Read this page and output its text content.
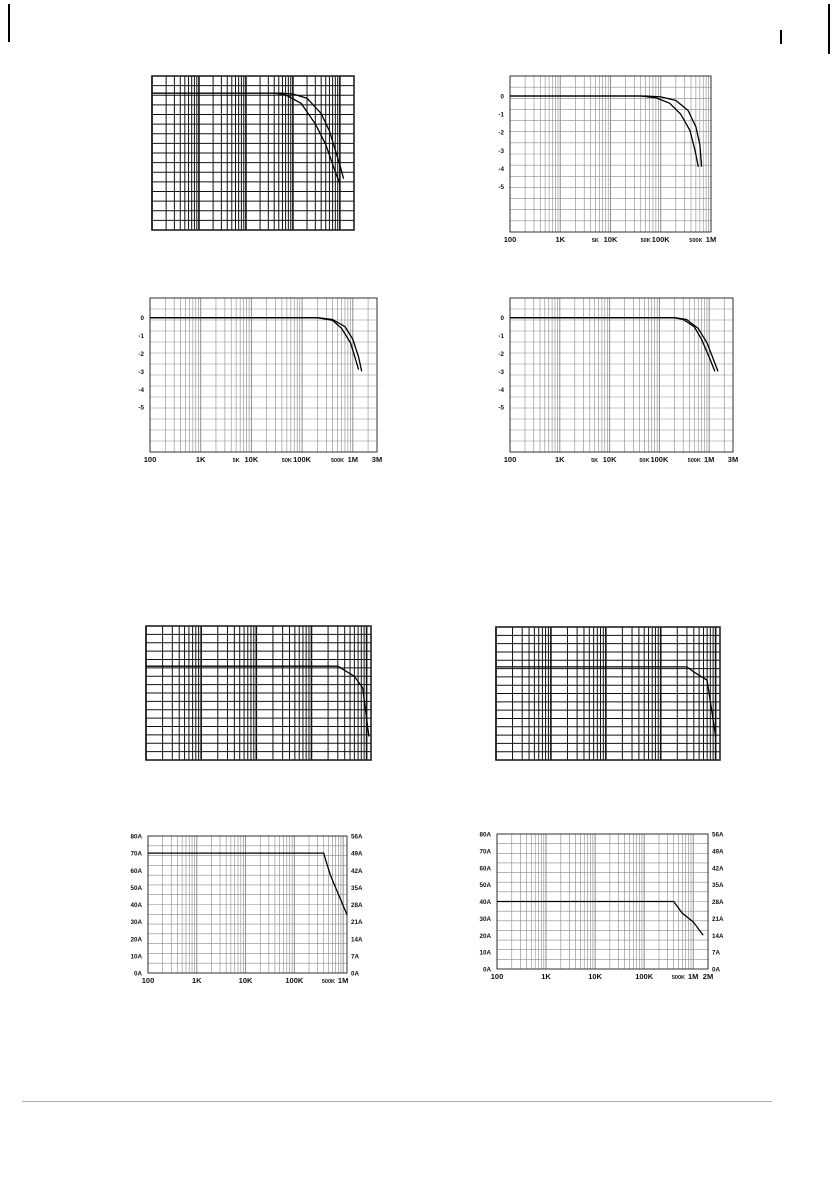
100	1K	5K 10K	50K 100K	500K 1M
0
-1
-2
-3
-4
-5
100	1K	5K 10K	50K 100K	500K 1M 3M
0
-1
-2
-3
-4
-5
100	1K	5K 10K	50K 100K	500K 1M 3M
0
-1
-2
-3
-4
-5
100	1K	10K	100K	500K 1M
80A
70A
60A
50A
40A
30A
20A
10A
0A
56A
49A
42A
35A
28A
21A
14A
7A
0A	100	1K	10K	100K	500K 1M 2M
80A
70A
60A
50A
40A
30A
20A
10A
0A
56A
49A
42A
35A
28A
21A
14A
7A
0A
